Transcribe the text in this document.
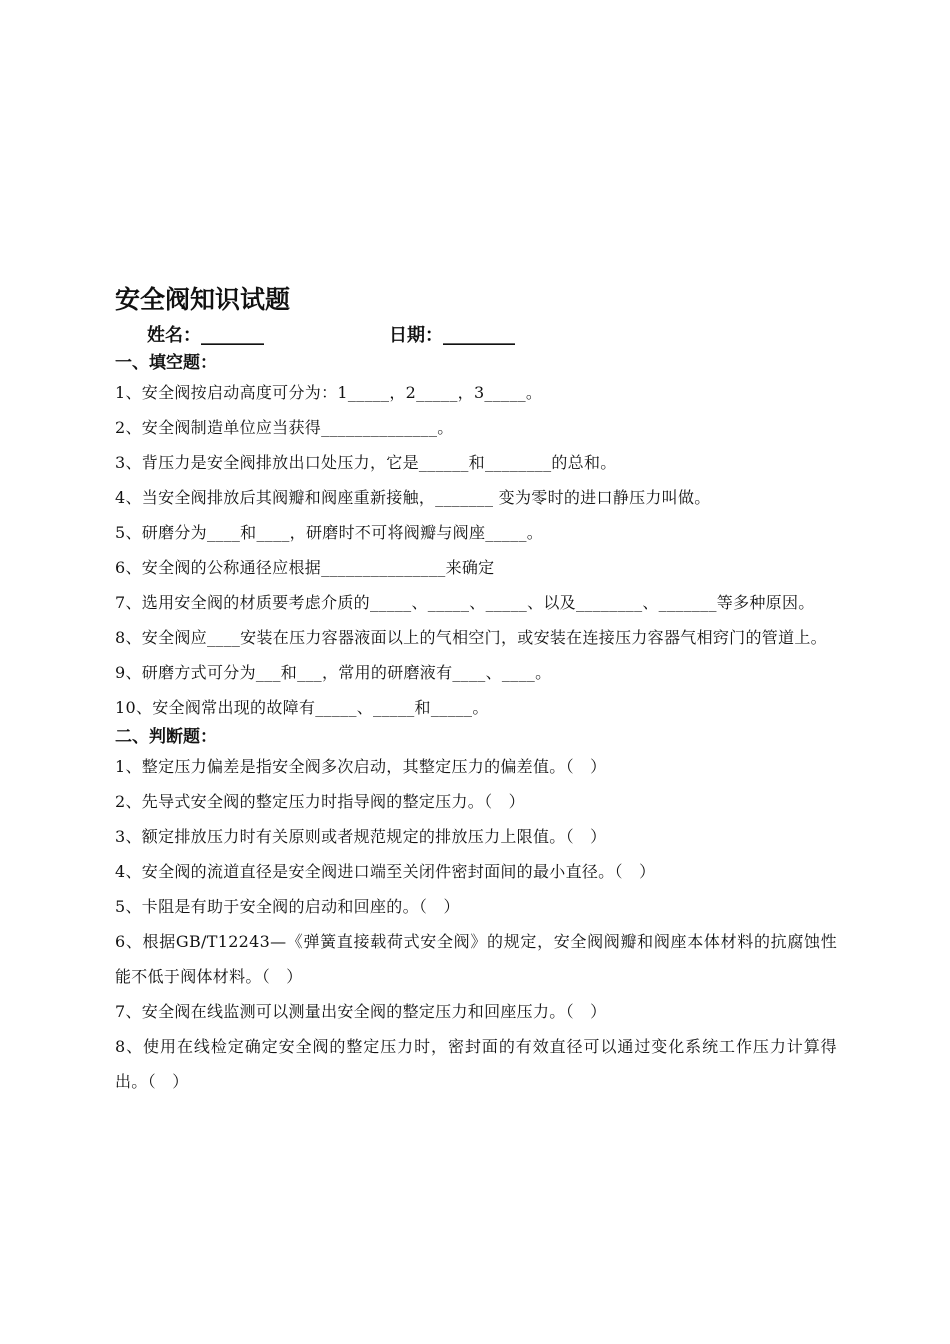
安全阀知识试题
姓名：_______	日期：________
一、填空题：
1、安全阀按启动高度可分为：1_____，2_____，3_____。
2、安全阀制造单位应当获得______________。
3、背压力是安全阀排放出口处压力，它是______和________的总和。
4、当安全阀排放后其阀瓣和阀座重新接触，_______ 变为零时的进口静压力叫做。
5、研磨分为____和____，研磨时不可将阀瓣与阀座_____。
6、安全阀的公称通径应根据_______________来确定
7、选用安全阀的材质要考虑介质的_____、_____、_____、以及________、_______等多种原因。
8、安全阀应____安装在压力容器液面以上的气相空门，或安装在连接压力容器气相窍门的管道上。
9、研磨方式可分为___和___，常用的研磨液有____、____。
10、安全阀常出现的故障有_____、_____和_____。
二、判断题：
1、整定压力偏差是指安全阀多次启动，其整定压力的偏差值。（　）
2、先导式安全阀的整定压力时指导阀的整定压力。（　）
3、额定排放压力时有关原则或者规范规定的排放压力上限值。（　）
4、安全阀的流道直径是安全阀进口端至关闭件密封面间的最小直径。（　）
5、卡阻是有助于安全阀的启动和回座的。（　）
6、根据GB/T12243—《弹簧直接载荷式安全阀》的规定，安全阀阀瓣和阀座本体材料的抗腐蚀性能不低于阀体材料。（　）
7、安全阀在线监测可以测量出安全阀的整定压力和回座压力。（　）
8、使用在线检定确定安全阀的整定压力时，密封面的有效直径可以通过变化系统工作压力计算得出。（　）
